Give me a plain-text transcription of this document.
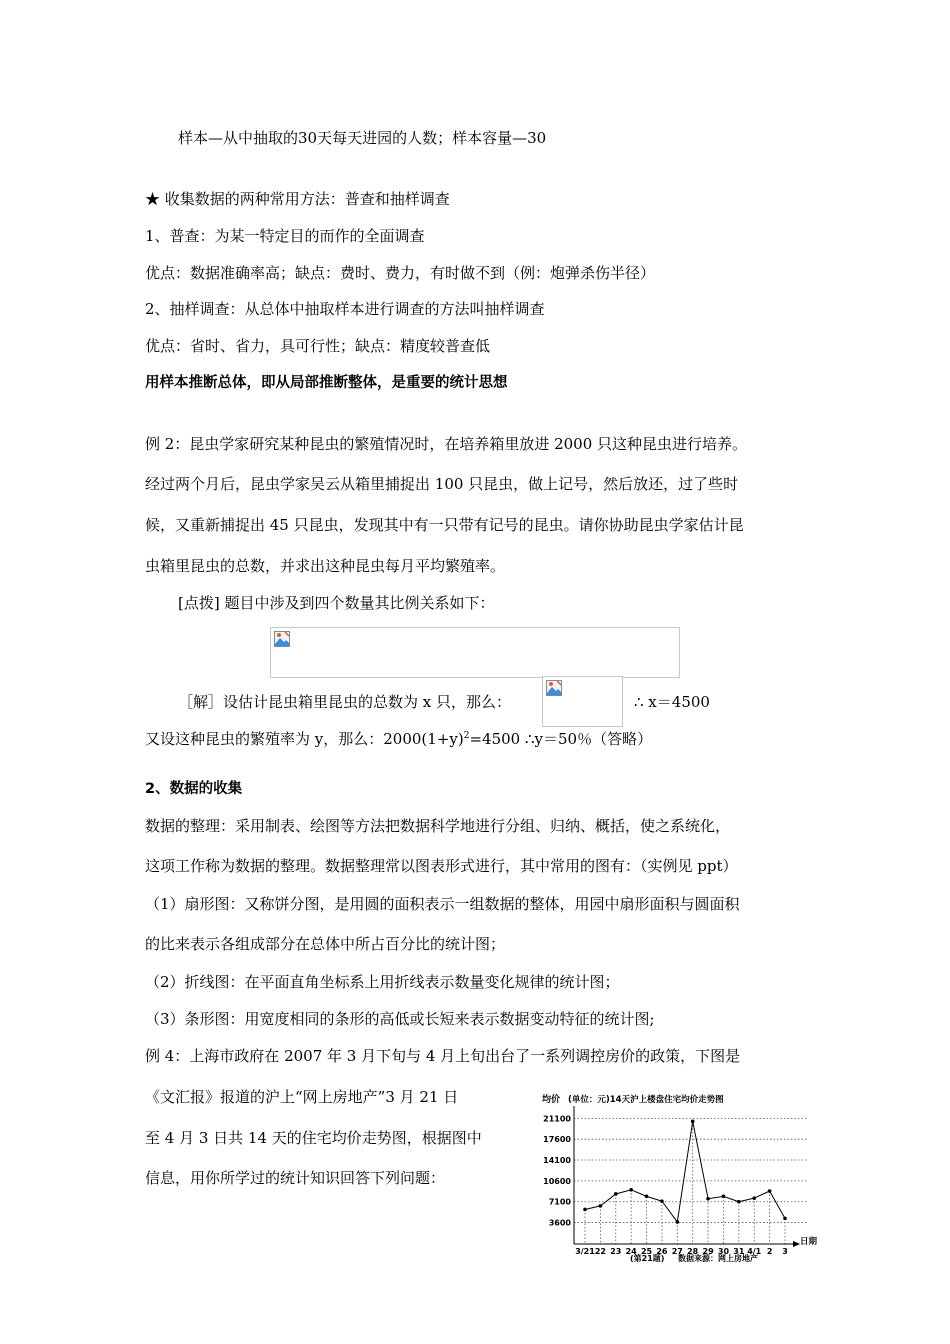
样本—从中抽取的30天每天进园的人数；样本容量—30
★ 收集数据的两种常用方法：普查和抽样调查
1、普查：为某一特定目的而作的全面调查
优点：数据准确率高；缺点：费时、费力，有时做不到（例：炮弹杀伤半径）
2、抽样调查：从总体中抽取样本进行调查的方法叫抽样调查
优点：省时、省力，具可行性；缺点：精度较普查低
用样本推断总体，即从局部推断整体，是重要的统计思想
例 2：昆虫学家研究某种昆虫的繁殖情况时，在培养箱里放进 2000 只这种昆虫进行培养。
经过两个月后，昆虫学家吴云从箱里捕捉出 100 只昆虫，做上记号，然后放还，过了些时
候，又重新捕捉出 45 只昆虫，发现其中有一只带有记号的昆虫。请你协助昆虫学家估计昆
虫箱里昆虫的总数，并求出这种昆虫每月平均繁殖率。
[点拨] 题目中涉及到四个数量其比例关系如下：
［解］设估计昆虫箱里昆虫的总数为 x 只，那么：	∴ x＝4500
又设这种昆虫的繁殖率为 y，那么：$2000(1+y)^2=4500$ ∴y＝50％（答略）
2、数据的收集
数据的整理：采用制表、绘图等方法把数据科学地进行分组、归纳、概括，使之系统化，
这项工作称为数据的整理。数据整理常以图表形式进行，其中常用的图有：（实例见 ppt）
（1）扇形图：又称饼分图，是用圆的面积表示一组数据的整体，用园中扇形面积与圆面积
的比来表示各组成部分在总体中所占百分比的统计图；
（2）折线图：在平面直角坐标系上用折线表示数量变化规律的统计图；
（3）条形图：用宽度相同的条形的高低或长短来表示数据变动特征的统计图;
例 4：上海市政府在 2007 年 3 月下旬与 4 月上旬出台了一系列调控房价的政策，下图是
《文汇报》报道的沪上“网上房地产”3 月 21 日
至 4 月 3 日共 14 天的住宅均价走势图，根据图中
信息，用你所学过的统计知识回答下列问题：
均价 (单位：元)14天沪上楼盘住宅均价走势图
3600
7100
10600
14100
17600
21100
3/21 22 23 24 25 26 27 28 29 30 31 4/1 2 3
日期
(第21题) 数据来源：网上房地产
